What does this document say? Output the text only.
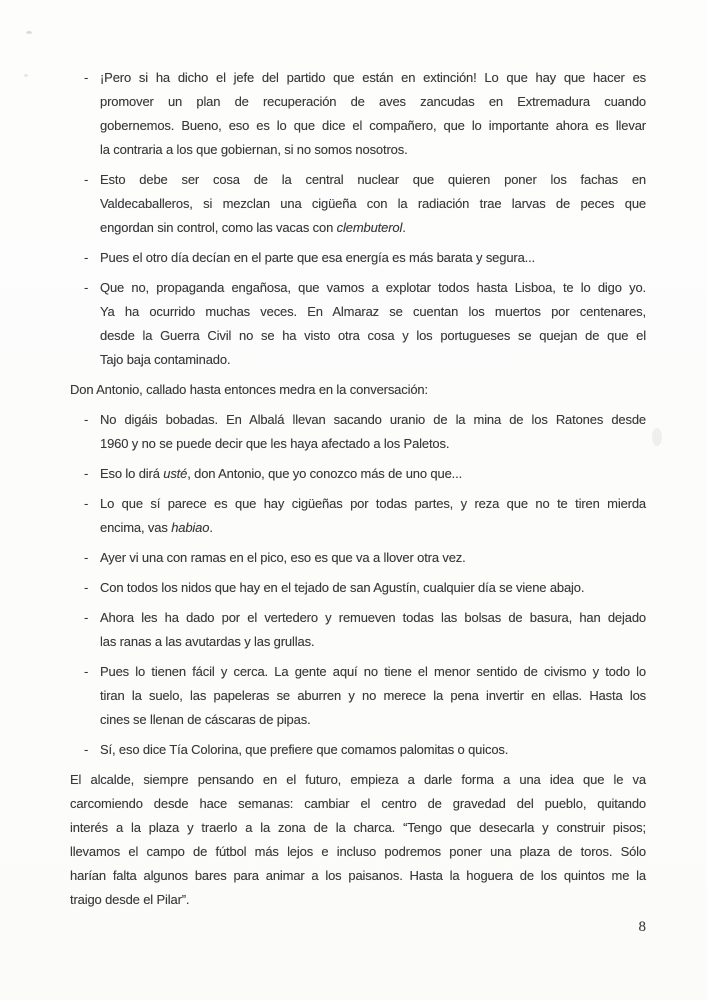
- ¡Pero si ha dicho el jefe del partido que están en extinción! Lo que hay que hacer es
promover un plan de recuperación de aves zancudas en Extremadura cuando
gobernemos. Bueno, eso es lo que dice el compañero, que lo importante ahora es llevar
la contraria a los que gobiernan, si no somos nosotros.
- Esto debe ser cosa de la central nuclear que quieren poner los fachas en
Valdecaballeros, si mezclan una cigüeña con la radiación trae larvas de peces que
engordan sin control, como las vacas con clembuterol.
- Pues el otro día decían en el parte que esa energía es más barata y segura...
- Que no, propaganda engañosa, que vamos a explotar todos hasta Lisboa, te lo digo yo.
Ya ha ocurrido muchas veces. En Almaraz se cuentan los muertos por centenares,
desde la Guerra Civil no se ha visto otra cosa y los portugueses se quejan de que el
Tajo baja contaminado.
Don Antonio, callado hasta entonces medra en la conversación:
- No digáis bobadas. En Albalá llevan sacando uranio de la mina de los Ratones desde
1960 y no se puede decir que les haya afectado a los Paletos.
- Eso lo dirá usté, don Antonio, que yo conozco más de uno que...
- Lo que sí parece es que hay cigüeñas por todas partes, y reza que no te tiren mierda
encima, vas habiao.
- Ayer vi una con ramas en el pico, eso es que va a llover otra vez.
- Con todos los nidos que hay en el tejado de san Agustín, cualquier día se viene abajo.
- Ahora les ha dado por el vertedero y remueven todas las bolsas de basura, han dejado
las ranas a las avutardas y las grullas.
- Pues lo tienen fácil y cerca. La gente aquí no tiene el menor sentido de civismo y todo lo
tiran la suelo, las papeleras se aburren y no merece la pena invertir en ellas. Hasta los
cines se llenan de cáscaras de pipas.
- Sí, eso dice Tía Colorina, que prefiere que comamos palomitas o quicos.
El alcalde, siempre pensando en el futuro, empieza a darle forma a una idea que le va
carcomiendo desde hace semanas: cambiar el centro de gravedad del pueblo, quitando
interés a la plaza y traerlo a la zona de la charca. “Tengo que desecarla y construir pisos;
llevamos el campo de fútbol más lejos e incluso podremos poner una plaza de toros. Sólo
harían falta algunos bares para animar a los paisanos. Hasta la hoguera de los quintos me la
traigo desde el Pilar”.
8
